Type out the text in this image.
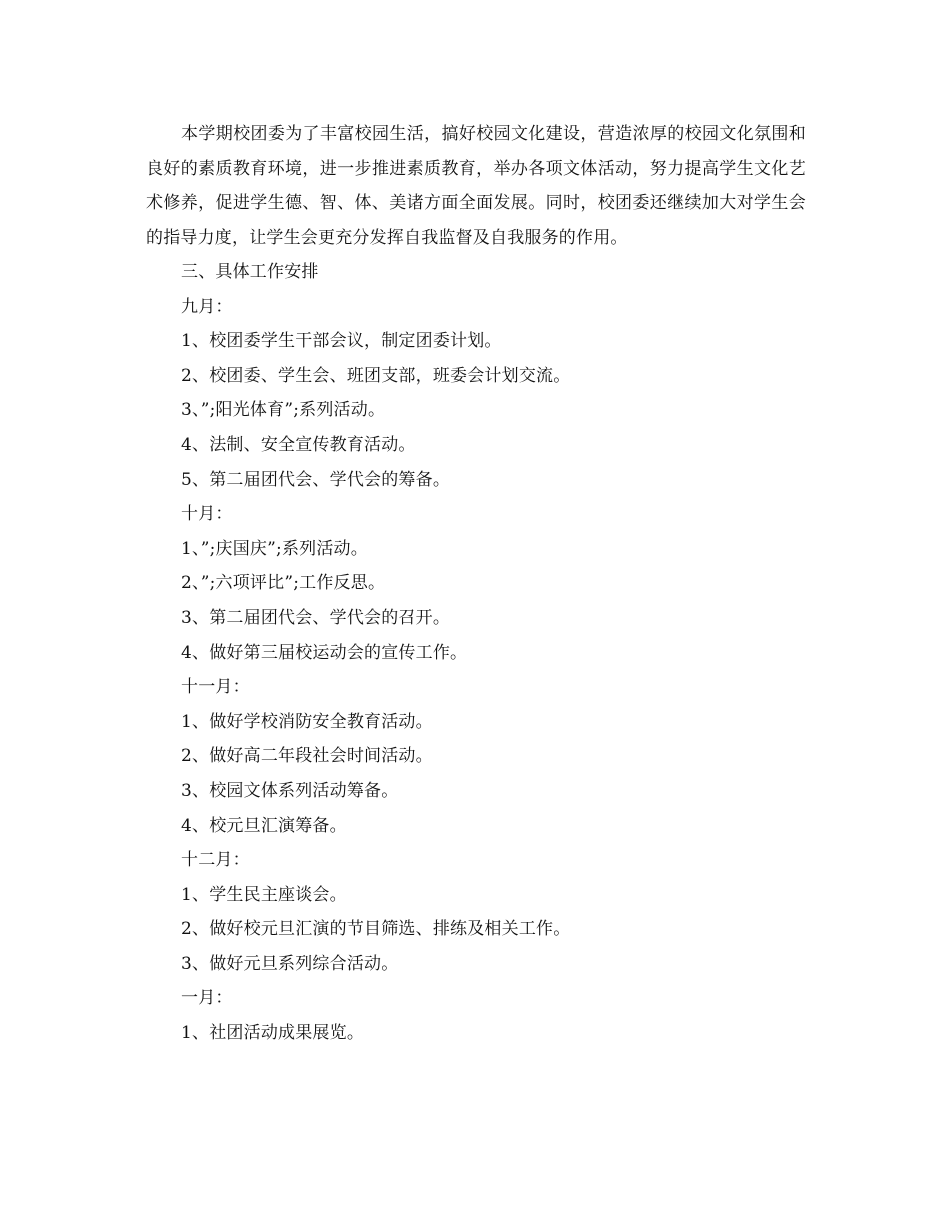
本学期校团委为了丰富校园生活，搞好校园文化建设，营造浓厚的校园文化氛围和良好的素质教育环境，进一步推进素质教育，举办各项文体活动，努力提高学生文化艺术修养，促进学生德、智、体、美诸方面全面发展。同时，校团委还继续加大对学生会的指导力度，让学生会更充分发挥自我监督及自我服务的作用。

三、具体工作安排

九月：

1、校团委学生干部会议，制定团委计划。

2、校团委、学生会、班团支部，班委会计划交流。

3、”;阳光体育”;系列活动。

4、法制、安全宣传教育活动。

5、第二届团代会、学代会的筹备。

十月：

1、”;庆国庆”;系列活动。

2、”;六项评比”;工作反思。

3、第二届团代会、学代会的召开。

4、做好第三届校运动会的宣传工作。

十一月：

1、做好学校消防安全教育活动。

2、做好高二年段社会时间活动。

3、校园文体系列活动筹备。

4、校元旦汇演筹备。

十二月：

1、学生民主座谈会。

2、做好校元旦汇演的节目筛选、排练及相关工作。

3、做好元旦系列综合活动。

一月：

1、社团活动成果展览。
